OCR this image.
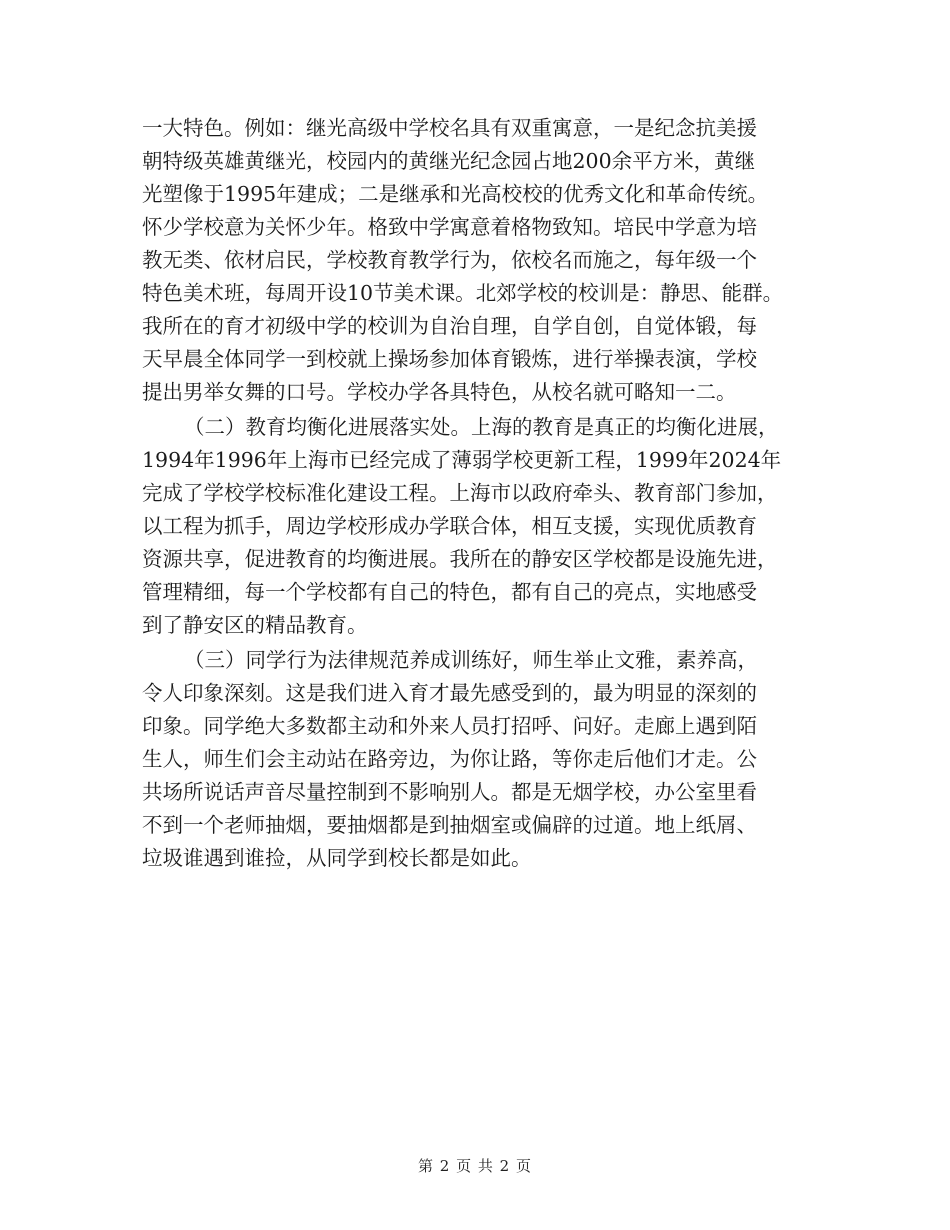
一大特色。例如：继光高级中学校名具有双重寓意，一是纪念抗美援
朝特级英雄黄继光，校园内的黄继光纪念园占地200余平方米，黄继
光塑像于1995年建成；二是继承和光高校校的优秀文化和革命传统。
怀少学校意为关怀少年。格致中学寓意着格物致知。培民中学意为培
教无类、依材启民，学校教育教学行为，依校名而施之，每年级一个
特色美术班，每周开设10节美术课。北郊学校的校训是：静思、能群。
我所在的育才初级中学的校训为自治自理，自学自创，自觉体锻，每
天早晨全体同学一到校就上操场参加体育锻炼，进行举操表演，学校
提出男举女舞的口号。学校办学各具特色，从校名就可略知一二。
（二）教育均衡化进展落实处。上海的教育是真正的均衡化进展，
1994年1996年上海市已经完成了薄弱学校更新工程，1999年2024年
完成了学校学校标准化建设工程。上海市以政府牵头、教育部门参加，
以工程为抓手，周边学校形成办学联合体，相互支援，实现优质教育
资源共享，促进教育的均衡进展。我所在的静安区学校都是设施先进，
管理精细，每一个学校都有自己的特色，都有自己的亮点，实地感受
到了静安区的精品教育。
（三）同学行为法律规范养成训练好，师生举止文雅，素养高，
令人印象深刻。这是我们进入育才最先感受到的，最为明显的深刻的
印象。同学绝大多数都主动和外来人员打招呼、问好。走廊上遇到陌
生人，师生们会主动站在路旁边，为你让路，等你走后他们才走。公
共场所说话声音尽量控制到不影响别人。都是无烟学校，办公室里看
不到一个老师抽烟，要抽烟都是到抽烟室或偏辟的过道。地上纸屑、
垃圾谁遇到谁捡，从同学到校长都是如此。
第 2 页 共 2 页
